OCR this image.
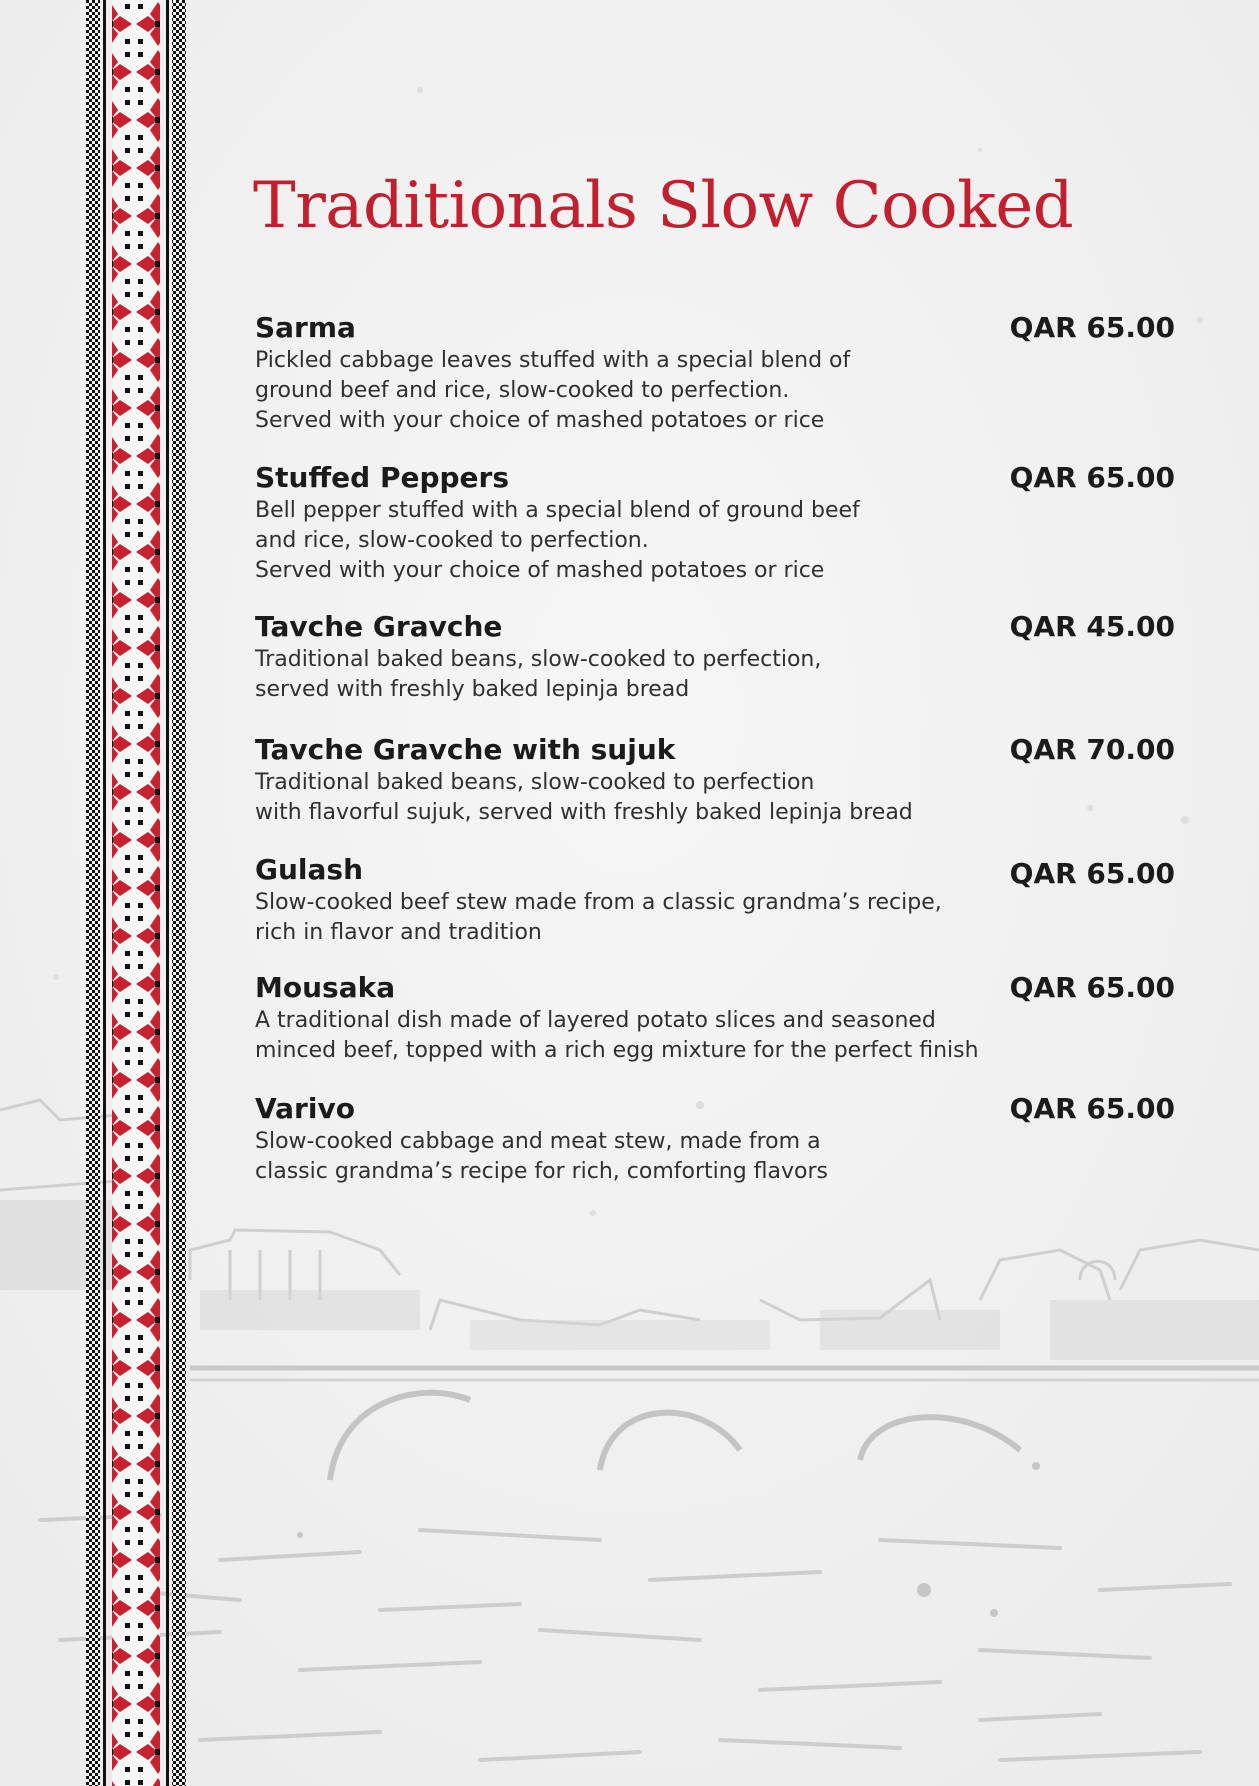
Traditionals Slow Cooked
Sarma	QAR 65.00

Pickled cabbage leaves stuffed with a special blend of
ground beef and rice, slow-cooked to perfection.
Served with your choice of mashed potatoes or rice

Stuffed Peppers	QAR 65.00

Bell pepper stuffed with a special blend of ground beef
and rice, slow-cooked to perfection.
Served with your choice of mashed potatoes or rice

Tavche Gravche	QAR 45.00

Traditional baked beans, slow-cooked to perfection,
served with freshly baked lepinja bread

Tavche Gravche with sujuk	QAR 70.00

Traditional baked beans, slow-cooked to perfection
with flavorful sujuk, served with freshly baked lepinja bread

Gulash	QAR 65.00

Slow-cooked beef stew made from a classic grandma’s recipe,
rich in flavor and tradition

Mousaka	QAR 65.00

A traditional dish made of layered potato slices and seasoned
minced beef, topped with a rich egg mixture for the perfect finish

Varivo	QAR 65.00

Slow-cooked cabbage and meat stew, made from a
classic grandma’s recipe for rich, comforting flavors
